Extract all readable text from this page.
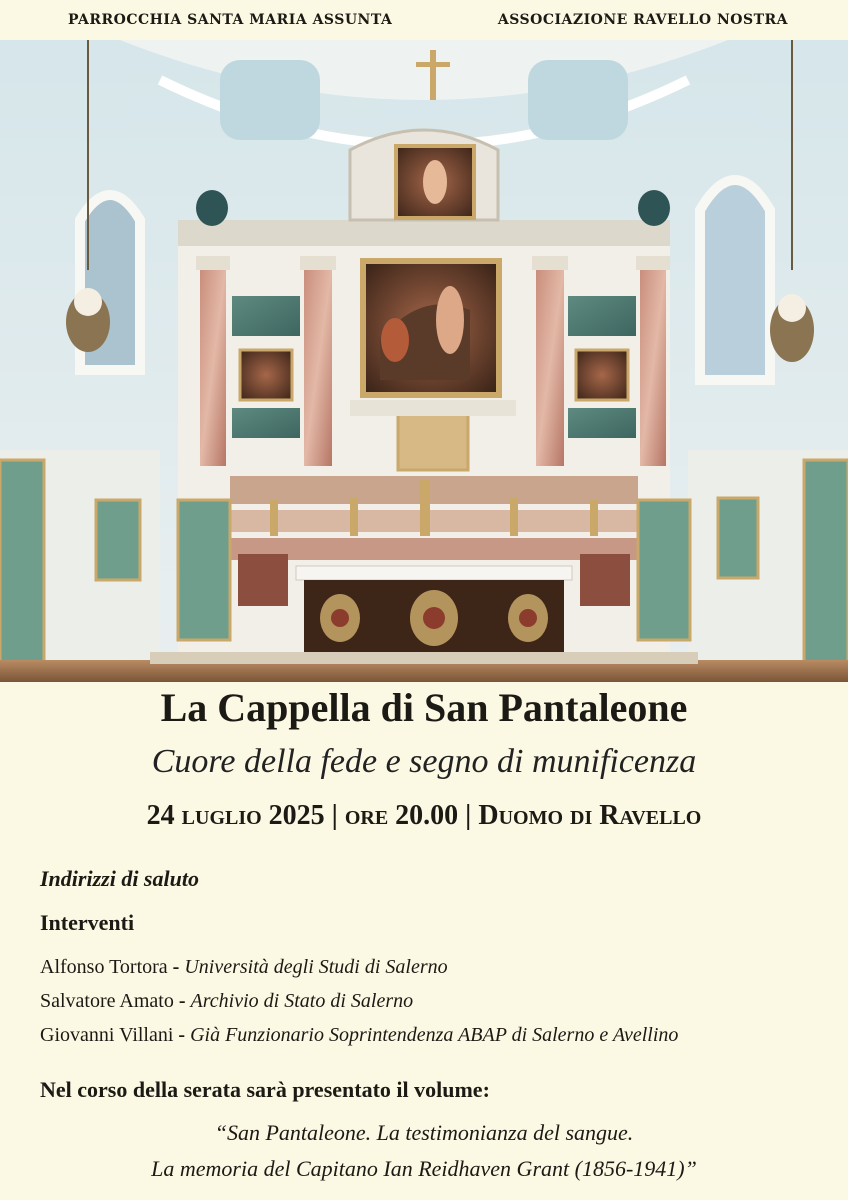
PARROCCHIA SANTA MARIA ASSUNTA	ASSOCIAZIONE RAVELLO NOSTRA
La Cappella di San Pantaleone
Cuore della fede e segno di munificenza
24 luglio 2025 | ore 20.00 | Duomo di Ravello
Indirizzi di saluto
Interventi
Alfonso Tortora - Università degli Studi di Salerno
Salvatore Amato - Archivio di Stato di Salerno
Giovanni Villani - Già Funzionario Soprintendenza ABAP di Salerno e Avellino
Nel corso della serata sarà presentato il volume:
“San Pantaleone. La testimonianza del sangue.
La memoria del Capitano Ian Reidhaven Grant (1856-1941)”
